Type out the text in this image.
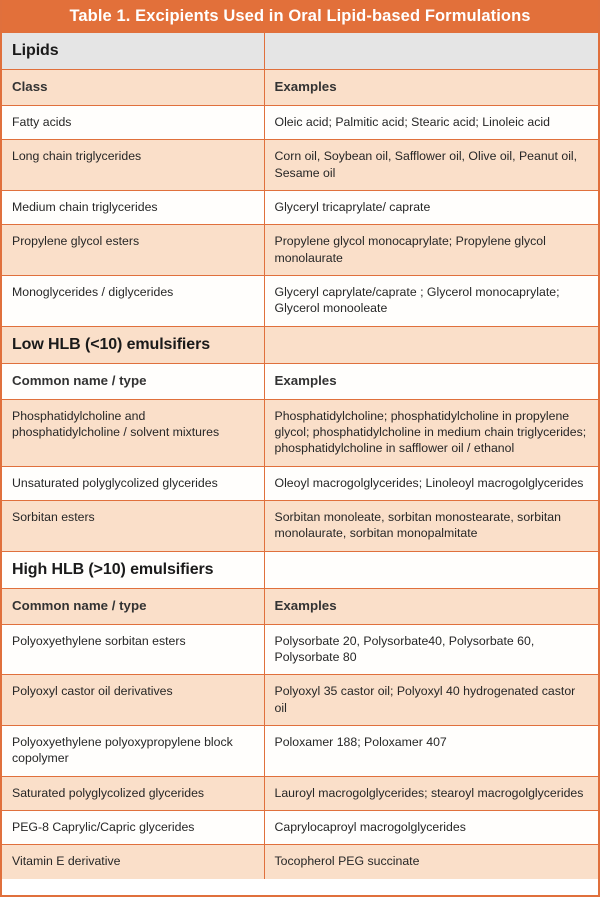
Table 1. Excipients Used in Oral Lipid-based Formulations
Lipids	
Class	Examples
Fatty acids	Oleic acid; Palmitic acid; Stearic acid; Linoleic acid
Long chain triglycerides	Corn oil, Soybean oil, Safflower oil, Olive oil, Peanut oil, Sesame oil
Medium chain triglycerides	Glyceryl tricaprylate/ caprate
Propylene glycol esters	Propylene glycol monocaprylate; Propylene glycol monolaurate
Monoglycerides / diglycerides	Glyceryl caprylate/caprate ; Glycerol monocaprylate; Glycerol monooleate
Low HLB (<10) emulsifiers	
Common name / type	Examples
Phosphatidylcholine and phosphatidylcholine / solvent mixtures	Phosphatidylcholine; phosphatidylcholine in propylene glycol; phosphatidylcholine in medium chain triglycerides; phosphatidylcholine in safflower oil / ethanol
Unsaturated polyglycolized glycerides	Oleoyl macrogolglycerides; Linoleoyl macrogolglycerides
Sorbitan esters	Sorbitan monoleate, sorbitan monostearate, sorbitan monolaurate, sorbitan monopalmitate
High HLB (>10) emulsifiers	
Common name / type	Examples
Polyoxyethylene sorbitan esters	Polysorbate 20, Polysorbate40, Polysorbate 60, Polysorbate 80
Polyoxyl castor oil derivatives	Polyoxyl 35 castor oil; Polyoxyl 40 hydrogenated castor oil
Polyoxyethylene polyoxypropylene block copolymer	Poloxamer 188; Poloxamer 407
Saturated polyglycolized glycerides	Lauroyl macrogolglycerides; stearoyl macrogolglycerides
PEG-8 Caprylic/Capric glycerides	Caprylocaproyl macrogolglycerides
Vitamin E derivative	Tocopherol PEG succinate
